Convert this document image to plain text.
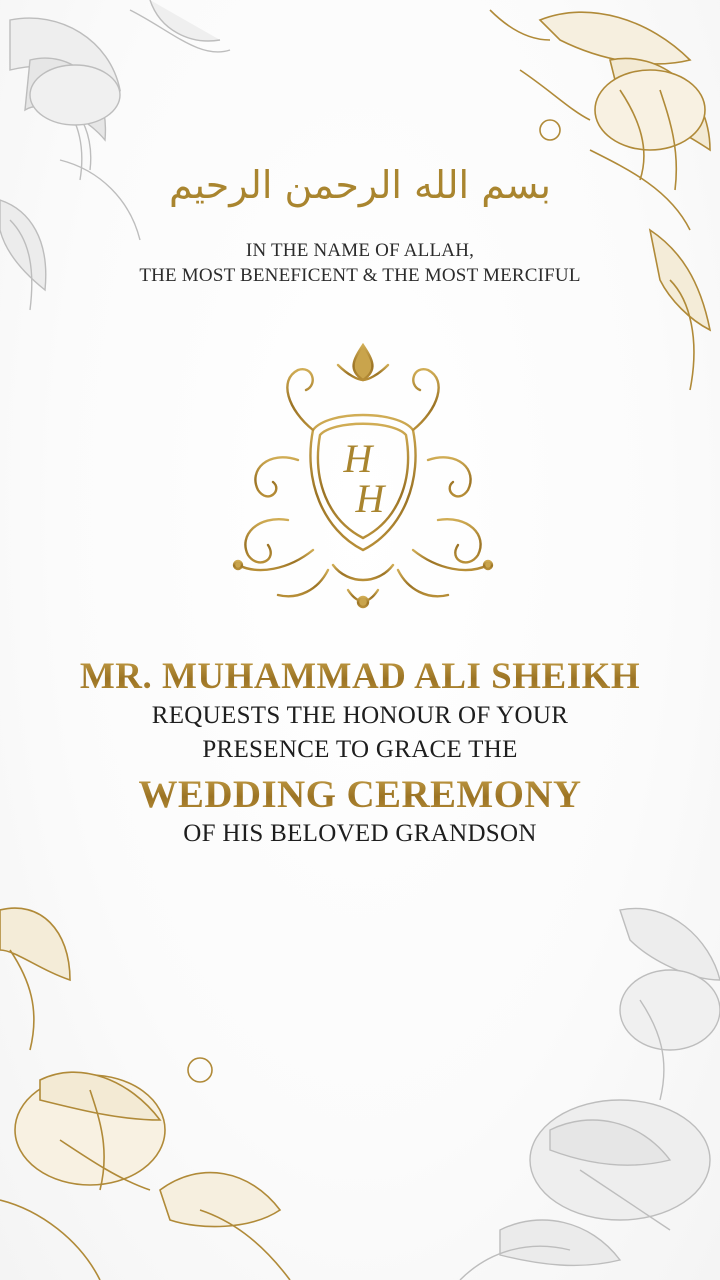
بسم الله الرحمن الرحيم
IN THE NAME OF ALLAH,
THE MOST BENEFICENT & THE MOST MERCIFUL
H
H
MR. MUHAMMAD ALI SHEIKH
REQUESTS THE HONOUR OF YOUR
PRESENCE TO GRACE THE
WEDDING CEREMONY
OF HIS BELOVED GRANDSON
